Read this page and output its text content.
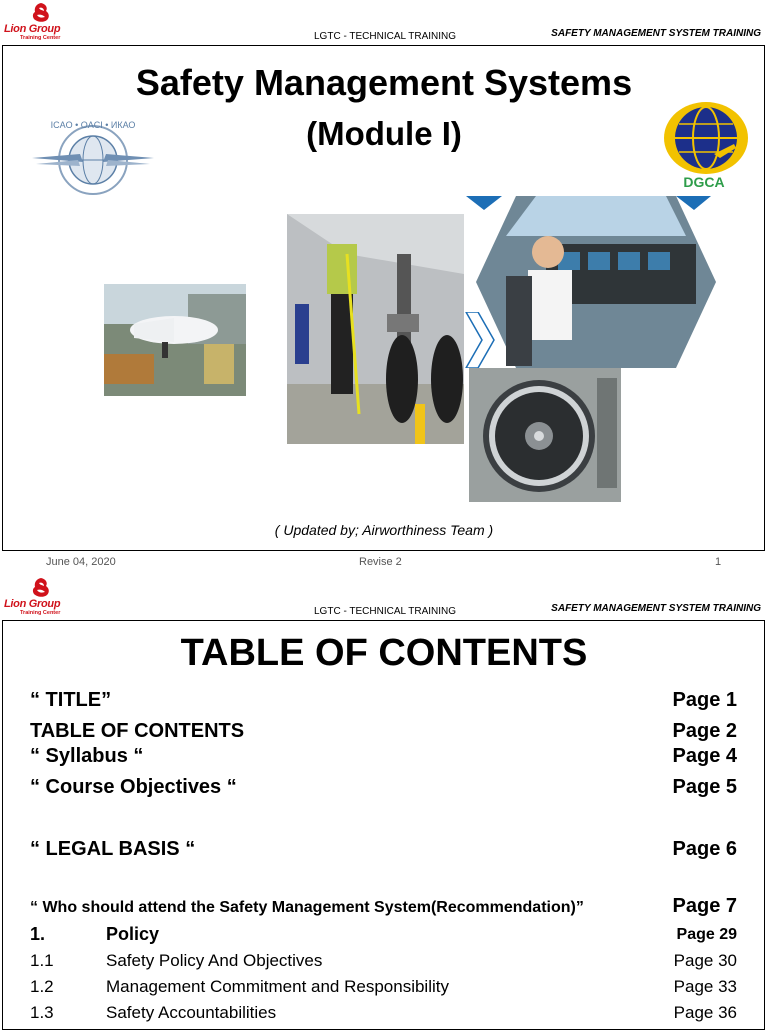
Lion Group
Training Center	LGTC - TECHNICAL TRAINING	SAFETY MANAGEMENT SYSTEM TRAINING
Safety Management Systems
(Module I)
ICAO • OACI • ИКАО
DGCA
( Updated by; Airworthiness Team )
June 04, 2020	Revise 2	1
Lion Group
Training Center	LGTC - TECHNICAL TRAINING	SAFETY MANAGEMENT SYSTEM TRAINING
TABLE OF CONTENTS
“ TITLE”	Page 1
TABLE OF CONTENTS	Page 2
“ Syllabus “	Page 4
“ Course Objectives “	Page 5
“ LEGAL BASIS “	Page 6
“ Who should attend the Safety Management System(Recommendation)”	Page 7
1.	Policy	Page 29
1.1	Safety Policy And Objectives	Page 30
1.2	Management Commitment and Responsibility	Page 33
1.3	Safety Accountabilities	Page 36
